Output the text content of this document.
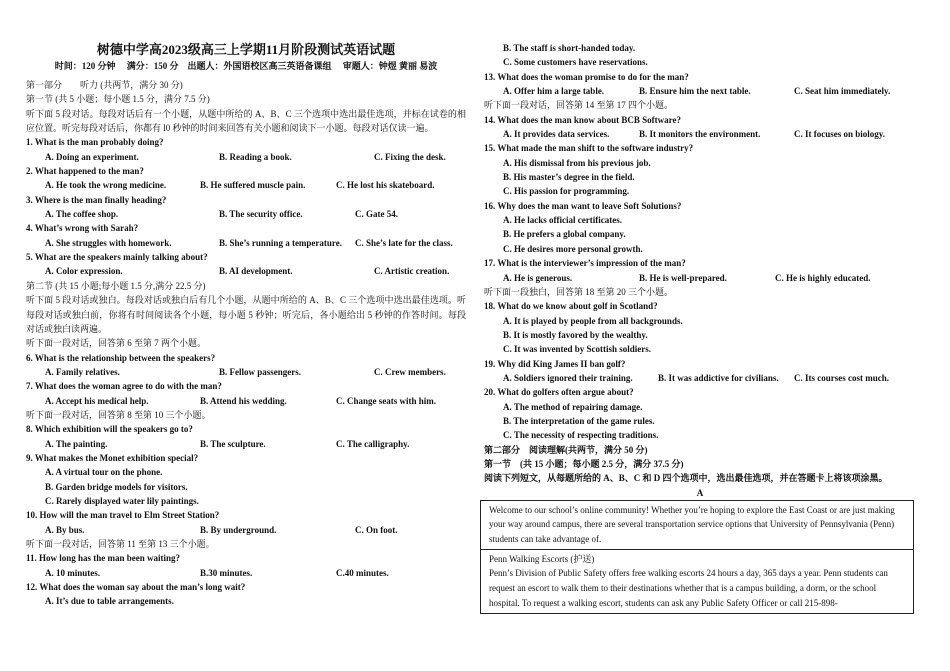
树德中学高2023级高三上学期11月阶段测试英语试题
时间：120 分钟　 满分：150 分　出题人：外国语校区高三英语备课组　 审题人：钟煜 黄丽 易波
第一部分　　听力 (共两节，满分 30 分)
第一节 (共 5 小题；每小题 1.5 分，满分 7.5 分)
听下面 5 段对话。每段对话后有一个小题，从题中所给的 A、B、C 三个选项中选出最佳选项，并标在试卷的相应位置。听完每段对话后，你都有 l0 秒钟的时间来回答有关小题和阅读下一小题。每段对话仅读一遍。
1. What is the man probably doing?
A. Doing an experiment.	B. Reading a book.	C. Fixing the desk.
2. What happened to the man?
A. He took the wrong medicine.	B. He suffered muscle pain.	C. He lost his skateboard.
3. Where is the man finally heading?
A. The coffee shop.	B. The security office.	C. Gate 54.
4. What’s wrong with Sarah?
A. She struggles with homework.	B. She’s running a temperature.	C. She’s late for the class.
5. What are the speakers mainly talking about?
A. Color expression.	B. AI development.	C. Artistic creation.
第二节 (共 15 小题;每小题 1.5 分,满分 22.5 分)
听下面 5 段对话或独白。每段对话或独白后有几个小题，从题中所给的 A、B、C 三个选项中选出最佳选项。听每段对话或独白前，你将有时间阅读各个小题，每小题 5 秒钟；听完后，各小题给出 5 秒钟的作答时间。每段对话或独白读两遍。
听下面一段对话，回答第 6 至第 7 两个小题。
6. What is the relationship between the speakers?
A. Family relatives.	B. Fellow passengers.	C. Crew members.
7. What does the woman agree to do with the man?
A. Accept his medical help.	B. Attend his wedding.	C. Change seats with him.
听下面一段对话，回答第 8 至第 10 三个小题。
8. Which exhibition will the speakers go to?
A. The painting.	B. The sculpture.	C. The calligraphy.
9. What makes the Monet exhibition special?
A. A virtual tour on the phone.
B. Garden bridge models for visitors.
C. Rarely displayed water lily paintings.
10. How will the man travel to Elm Street Station?
A. By bus.	B. By underground.	C. On foot.
听下面一段对话，回答第 11 至第 13 三个小题。
11. How long has the man been waiting?
A. 10 minutes.	B.30 minutes.	C.40 minutes.
12. What does the woman say about the man’s long wait?
A. It’s due to table arrangements.
B. The staff is short-handed today.
C. Some customers have reservations.
13. What does the woman promise to do for the man?
A. Offer him a large table.	B. Ensure him the next table.	C. Seat him immediately.
听下面一段对话，回答第 14 至第 17 四个小题。
14. What does the man know about BCB Software?
A. It provides data services.	B. It monitors the environment.	C. It focuses on biology.
15. What made the man shift to the software industry?
A. His dismissal from his previous job.
B. His master’s degree in the field.
C. His passion for programming.
16. Why does the man want to leave Soft Solutions?
A. He lacks official certificates.
B. He prefers a global company.
C. He desires more personal growth.
17. What is the interviewer’s impression of the man?
A. He is generous.	B. He is well-prepared.	C. He is highly educated.
听下面一段独白，回答第 18 至第 20 三个小题。
18. What do we know about golf in Scotland?
A. It is played by people from all backgrounds.
B. It is mostly favored by the wealthy.
C. It was invented by Scottish soldiers.
19. Why did King James II ban golf?
A. Soldiers ignored their training.	B. It was addictive for civilians.	C. Its courses cost much.
20. What do golfers often argue about?
A. The method of repairing damage.
B. The interpretation of the game rules.
C. The necessity of respecting traditions.
第二部分　阅读理解(共两节，满分 50 分)
第一节　(共 15 小题；每小题 2.5 分，满分 37.5 分)
阅读下列短文，从每题所给的 A、B、C 和 D 四个选项中，选出最佳选项，并在答题卡上将该项涂黑。
A
Welcome to our school’s online community! Whether you’re hoping to explore the East Coast or are just making your way around campus, there are several transportation service options that University of Pennsylvania (Penn) students can take advantage of.
Penn Walking Escorts (护送)
Penn’s Division of Public Safety offers free walking escorts 24 hours a day, 365 days a year. Penn students can request an escort to walk them to their destinations whether that is a campus building, a dorm, or the school hospital. To request a walking escort, students can ask any Public Safety Officer or call 215-898-
